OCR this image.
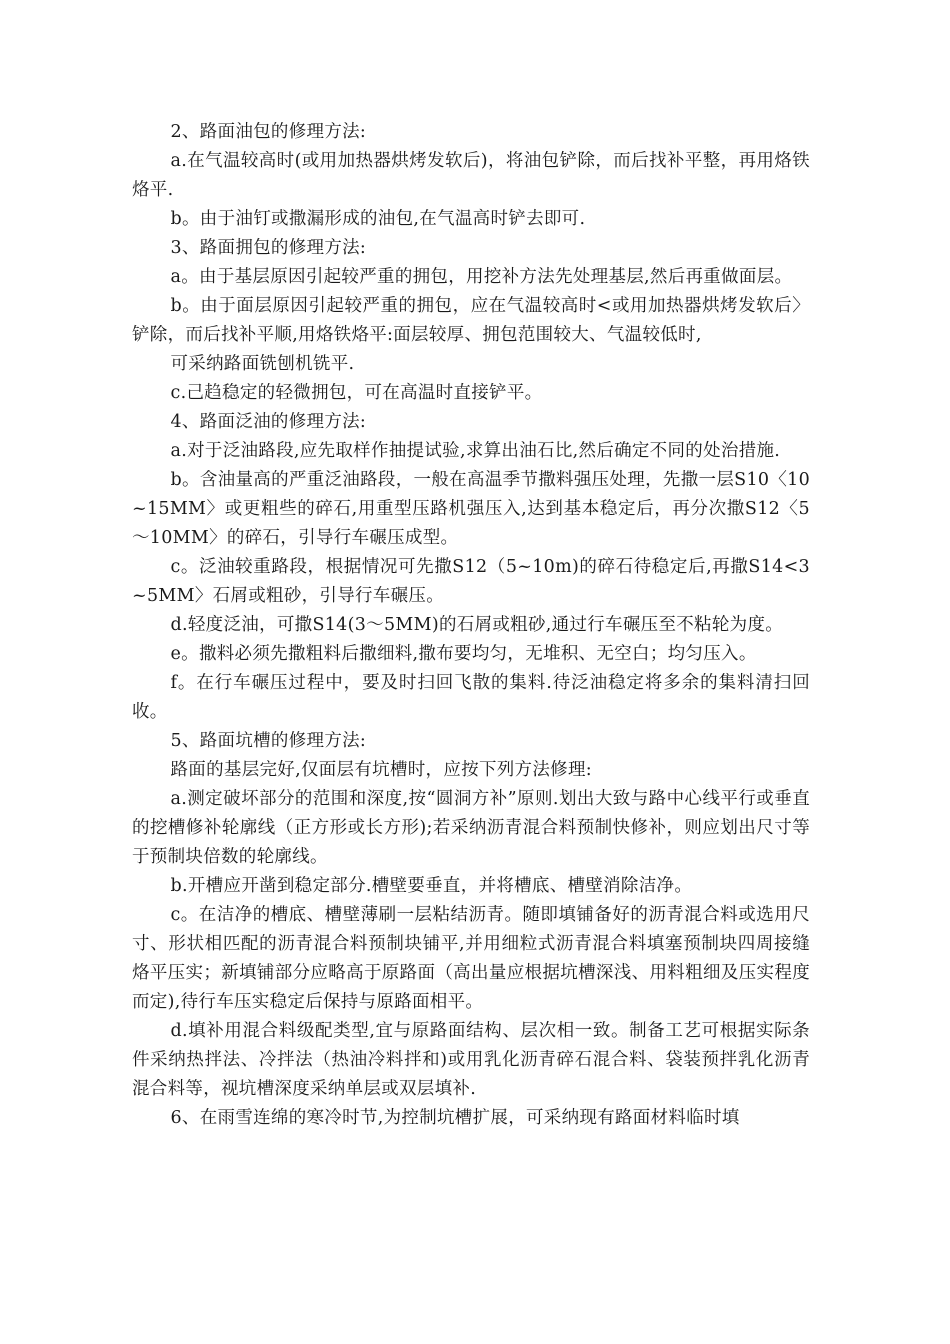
2、路面油包的修理方法:

a.在气温较高时(或用加热器烘烤发软后)，将油包铲除，而后找补平整，再用烙铁烙平.

b。由于油钉或撒漏形成的油包,在气温高时铲去即可.

3、路面拥包的修理方法:

a。由于基层原因引起较严重的拥包，用挖补方法先处理基层,然后再重做面层。

b。由于面层原因引起较严重的拥包，应在气温较高时<或用加热器烘烤发软后〉铲除，而后找补平顺,用烙铁烙平:面层较厚、拥包范围较大、气温较低时,

可采纳路面铣刨机铣平.

c.己趋稳定的轻微拥包，可在高温时直接铲平。

4、路面泛油的修理方法:

a.对于泛油路段,应先取样作抽提试验,求算出油石比,然后确定不同的处治措施.

b。含油量高的严重泛油路段，一般在高温季节撒料强压处理，先撒一层S10〈10~15MM〉或更粗些的碎石,用重型压路机强压入,达到基本稳定后，再分次撒S12〈5～10MM〉的碎石，引导行车碾压成型。

c。泛油较重路段，根据情况可先撒S12（5~10m)的碎石待稳定后,再撒S14<3~5MM〉石屑或粗砂，引导行车碾压。

d.轻度泛油，可撒S14(3～5MM)的石屑或粗砂,通过行车碾压至不粘轮为度。

e。撒料必须先撒粗料后撒细料,撒布要均匀，无堆积、无空白；均匀压入。

f。在行车碾压过程中，要及时扫回飞散的集料.待泛油稳定将多余的集料清扫回收。

5、路面坑槽的修理方法:

路面的基层完好,仅面层有坑槽时，应按下列方法修理:

a.测定破坏部分的范围和深度,按“圆洞方补”原则.划出大致与路中心线平行或垂直的挖槽修补轮廓线（正方形或长方形);若采纳沥青混合料预制快修补，则应划出尺寸等于预制块倍数的轮廓线。

b.开槽应开凿到稳定部分.槽壁要垂直，并将槽底、槽壁消除洁净。

c。在洁净的槽底、槽壁薄刷一层粘结沥青。随即填铺备好的沥青混合料或选用尺寸、形状相匹配的沥青混合料预制块铺平,并用细粒式沥青混合料填塞预制块四周接缝烙平压实；新填铺部分应略高于原路面（高出量应根据坑槽深浅、用料粗细及压实程度而定),待行车压实稳定后保持与原路面相平。

d.填补用混合料级配类型,宜与原路面结构、层次相一致。制备工艺可根据实际条件采纳热拌法、冷拌法（热油冷料拌和)或用乳化沥青碎石混合料、袋装预拌乳化沥青混合料等，视坑槽深度采纳单层或双层填补.

6、在雨雪连绵的寒冷时节,为控制坑槽扩展，可采纳现有路面材料临时填
